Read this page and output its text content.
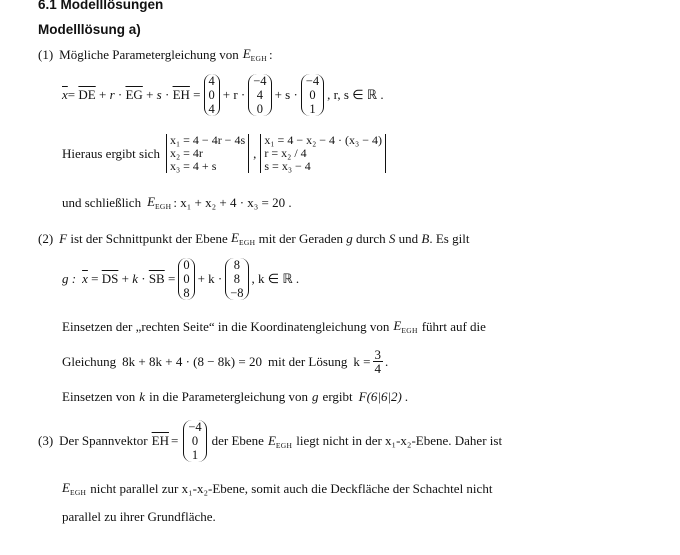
6.1 Modelllösungen
Modelllösung a)
(1) Mögliche Parametergleichung von $E_{EGH}$ :
$\overline{x} = \overline{DE} + r \cdot \overline{EG} + s \cdot \overline{EH}$ =
4
0
4
+ r ·
−4
4
0
+ s ·
−4
0
1
, r, s ∈ ℝ .
Hieraus ergibt sich
x₁ = 4 − 4r − 4s
x₂ = 4r
x₃ = 4 + s
,
x₁ = 4 − x₂ − 4 · (x₃ − 4)
r = x₂ / 4
s = x₃ − 4
und schließlich $E_{EGH}$ : x₁ + x₂ + 4 · x₃ = 20 .
(2) F ist der Schnittpunkt der Ebene $E_{EGH}$ mit der Geraden g durch S und B . Es gilt
g : $\overline{x} = \overline{DS} + k \cdot \overline{SB}$ =
0
0
8
+ k ·
8
8
−8
, k ∈ ℝ .
Einsetzen der „rechten Seite“ in die Koordinatengleichung von $E_{EGH}$ führt auf die
Gleichung 8k + 8k + 4 · (8 − 8k) = 20 mit der Lösung $k = \frac{3}{4}$ .
Einsetzen von k in die Parametergleichung von g ergibt F(6|6|2) .
(3) Der Spannvektor $\overline{EH}$ =
−4
0
1
der Ebene $E_{EGH}$ liegt nicht in der x₁-x₂-Ebene. Daher ist
$E_{EGH}$ nicht parallel zur x₁-x₂-Ebene, somit auch die Deckfläche der Schachtel nicht
parallel zu ihrer Grundfläche.
